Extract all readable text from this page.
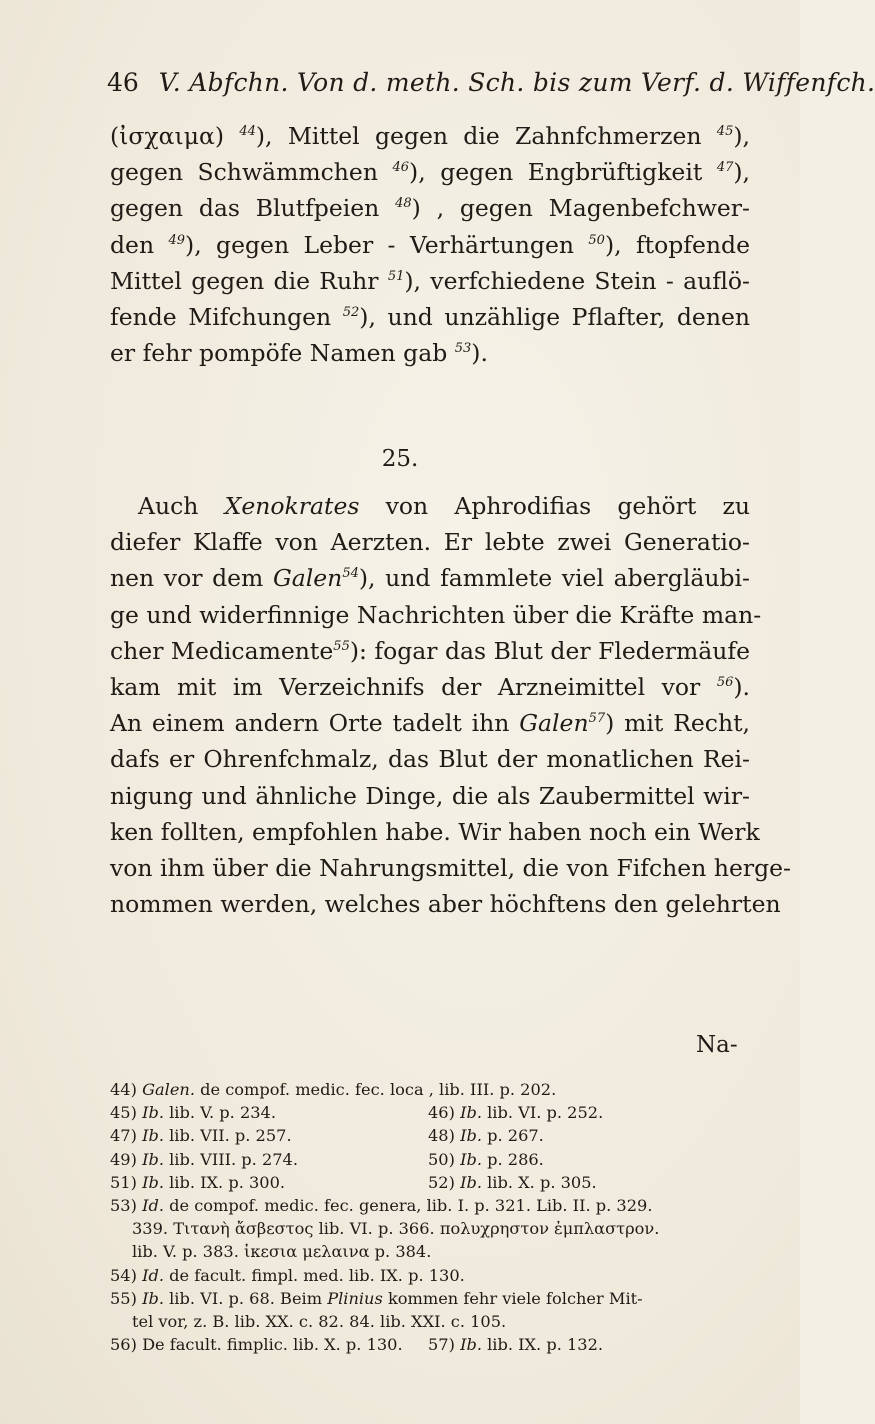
46 V. Abfchn. Von d. meth. Sch. bis zum Verf. d. Wiffenfch.
(ἰσχαιμα) $^{44}$), Mittel gegen die Zahnfchmerzen $^{45}$),
gegen Schwämmchen $^{46}$), gegen Engbrüftigkeit $^{47}$),
gegen das Blutfpeien $^{48}$) , gegen Magenbefchwer-
den $^{49}$), gegen Leber - Verhärtungen $^{50}$), ftopfende
Mittel gegen die Ruhr $^{51}$), verfchiedene Stein - auflö-
fende Mifchungen $^{52}$), und unzählige Pflafter, denen
er fehr pompöfe Namen gab $^{53}$).
25.
Auch Xenokrates von Aphrodifias gehört zu
diefer Klaffe von Aerzten. Er lebte zwei Generatio-
nen vor dem Galen$^{54}$), und fammlete viel abergläubi-
ge und widerfinnige Nachrichten über die Kräfte man-
cher Medicamente$^{55}$): fogar das Blut der Fledermäufe
kam mit im Verzeichnifs der Arzneimittel vor $^{56}$).
An einem andern Orte tadelt ihn Galen$^{57}$) mit Recht,
dafs er Ohrenfchmalz, das Blut der monatlichen Rei-
nigung und ähnliche Dinge, die als Zaubermittel wir-
ken follten, empfohlen habe. Wir haben noch ein Werk
von ihm über die Nahrungsmittel, die von Fifchen herge-
nommen werden, welches aber höchftens den gelehrten
Na-
44) Galen. de compof. medic. fec. loca , lib. III. p. 202.
45) Ib. lib. V. p. 234.	46) Ib. lib. VI. p. 252.
47) Ib. lib. VII. p. 257.	48) Ib. p. 267.
49) Ib. lib. VIII. p. 274.	50) Ib. p. 286.
51) Ib. lib. IX. p. 300.	52) Ib. lib. X. p. 305.
53) Id. de compof. medic. fec. genera, lib. I. p. 321. Lib. II. p. 329.
339. Τιτανὴ ἄσβεστος lib. VI. p. 366. πολυχρηστον ἐμπλαστρον.
lib. V. p. 383. ἱκεσια μελαινα p. 384.
54) Id. de facult. fimpl. med. lib. IX. p. 130.
55) Ib. lib. VI. p. 68. Beim Plinius kommen fehr viele folcher Mit-
tel vor, z. B. lib. XX. c. 82. 84. lib. XXI. c. 105.
56) De facult. fimplic. lib. X. p. 130. 57) Ib. lib. IX. p. 132.
